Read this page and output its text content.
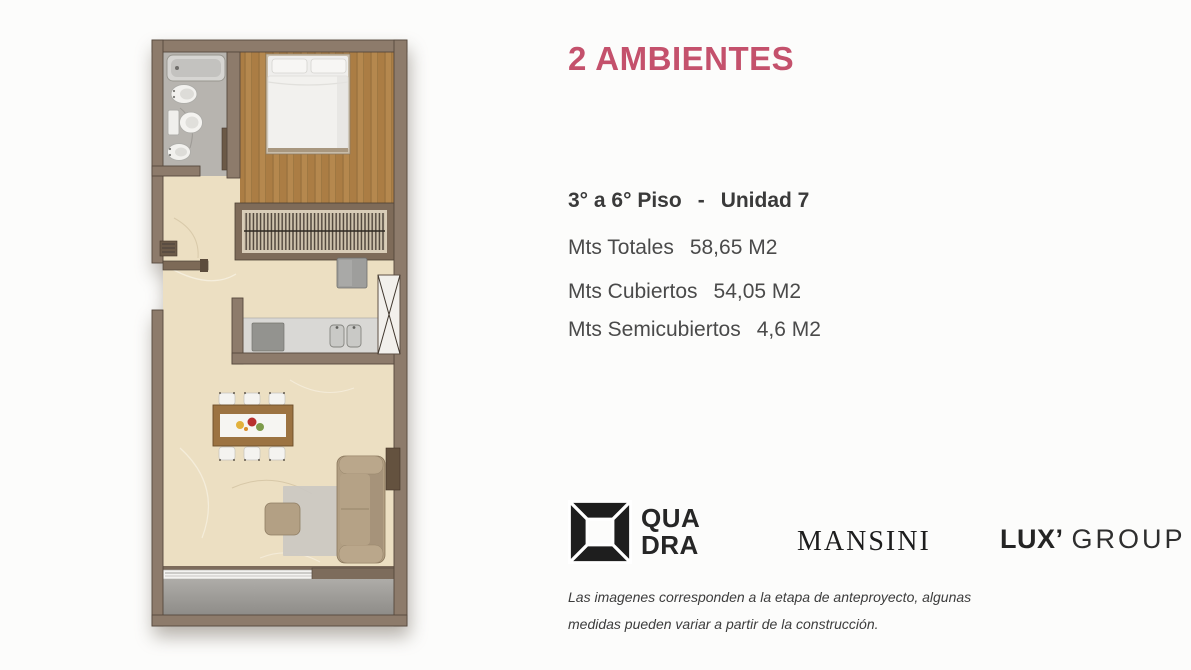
2 AMBIENTES
3° a 6° Piso - Unidad 7
Mts Totales 58,65 M2
Mts Cubiertos 54,05 M2
Mts Semicubiertos 4,6 M2
QUA
DRA	MANSINI	LUX’ GROUP
Las imagenes corresponden a la etapa de anteproyecto, algunas
medidas pueden variar a partir de la construcción.
